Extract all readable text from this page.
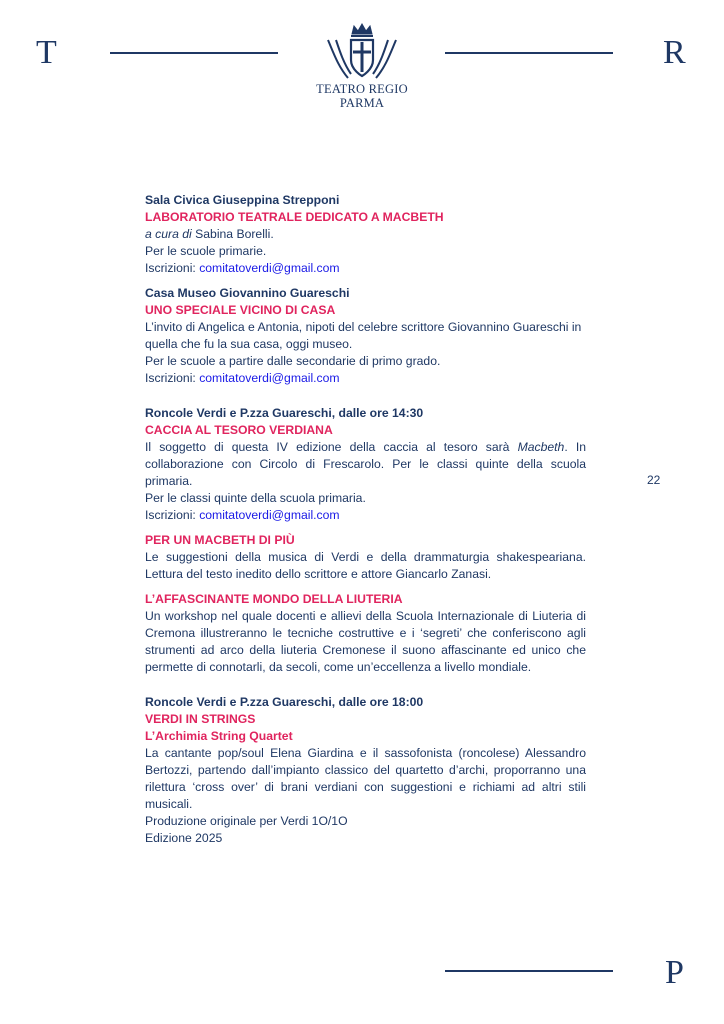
T
TEATRO REGIO
PARMA
R
22

Sala Civica Giuseppina Strepponi

LABORATORIO TEATRALE DEDICATO A MACBETH

a cura di Sabina Borelli.

Per le scuole primarie.

Iscrizioni: comitatoverdi@gmail.com

Casa Museo Giovannino Guareschi

UNO SPECIALE VICINO DI CASA

L’invito di Angelica e Antonia, nipoti del celebre scrittore Giovannino Guareschi in quella che fu la sua casa, oggi museo.

Per le scuole a partire dalle secondarie di primo grado.

Iscrizioni: comitatoverdi@gmail.com

Roncole Verdi e P.zza Guareschi, dalle ore 14:30

CACCIA AL TESORO VERDIANA

Il soggetto di questa IV edizione della caccia al tesoro sarà Macbeth. In collaborazione con Circolo di Frescarolo. Per le classi quinte della scuola primaria.

Per le classi quinte della scuola primaria.

Iscrizioni: comitatoverdi@gmail.com

PER UN MACBETH DI PIÙ

Le suggestioni della musica di Verdi e della drammaturgia shakespeariana. Lettura del testo inedito dello scrittore e attore Giancarlo Zanasi.

L’AFFASCINANTE MONDO DELLA LIUTERIA

Un workshop nel quale docenti e allievi della Scuola Internazionale di Liuteria di Cremona illustreranno le tecniche costruttive e i ‘segreti’ che conferiscono agli strumenti ad arco della liuteria Cremonese il suono affascinante ed unico che permette di connotarli, da secoli, come un’eccellenza a livello mondiale.

Roncole Verdi e P.zza Guareschi, dalle ore 18:00

VERDI IN STRINGS

L’Archimia String Quartet

La cantante pop/soul Elena Giardina e il sassofonista (roncolese) Alessandro Bertozzi, partendo dall’impianto classico del quartetto d’archi, proporranno una rilettura ‘cross over’ di brani verdiani con suggestioni e richiami ad altri stili musicali.

Produzione originale per Verdi 1O/1O

Edizione 2025

P
